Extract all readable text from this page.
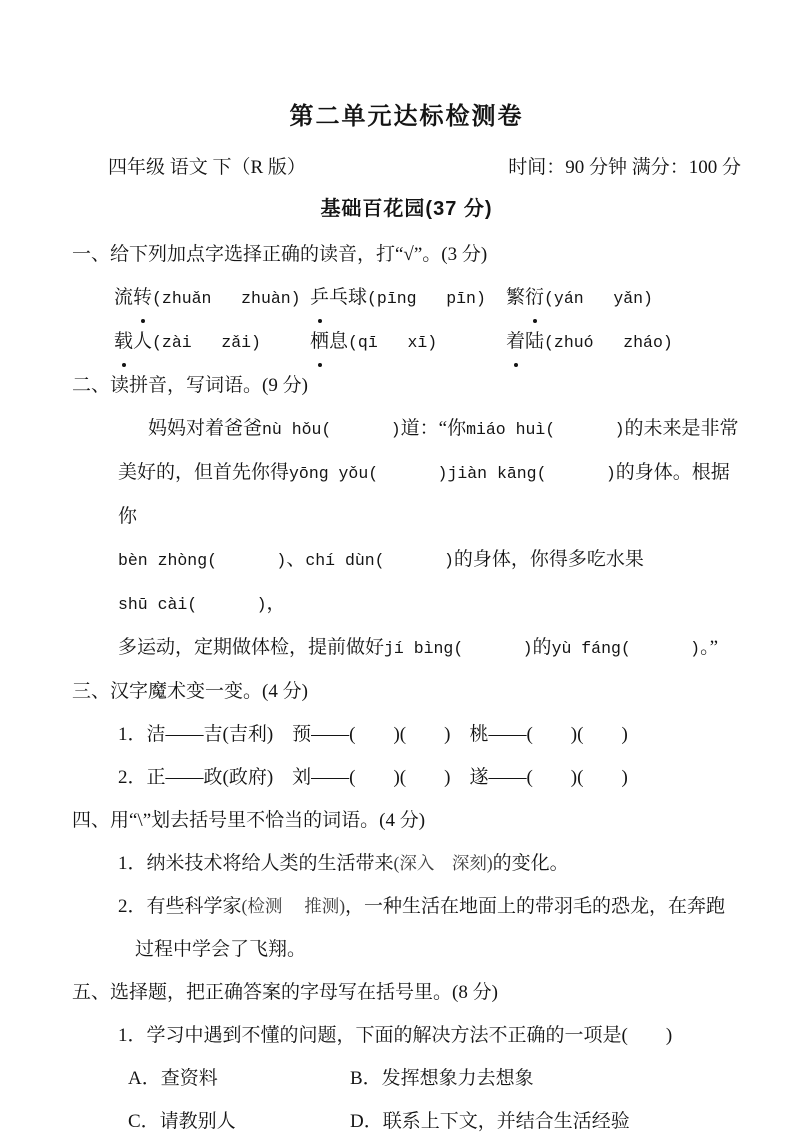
第二单元达标检测卷
四年级 语文 下（R 版）	时间：90 分钟 满分：100 分
基础百花园(37 分)
一、给下列加点字选择正确的读音，打“√”。(3 分)
流转(zhuǎn   zhuàn) 乒乓球(pīng   pīn)	繁衍(yán   yǎn)
载人(zài   zǎi)	栖息(qī   xī)	着陆(zhuó   zháo)
二、读拼音，写词语。(9 分)
妈妈对着爸爸nù hǒu(      )道：“你miáo huì(      )的未来是非常
美好的，但首先你得yōng yǒu(      )jiàn kāng(      )的身体。根据你
bèn zhòng(      )、chí dùn(      )的身体，你得多吃水果shū cài(      )，
多运动，定期做体检，提前做好jí bìng(      )的yù fáng(      )。”
三、汉字魔术变一变。(4 分)
1．洁——吉(吉利)　预——(　　)(　　)　桃——(　　)(　　)
2．正——政(政府)　刘——(　　)(　　)　遂——(　　)(　　)
四、用“\”划去括号里不恰当的词语。(4 分)
1．纳米技术将给人类的生活带来(深入　深刻)的变化。
2．有些科学家(检测　 推测)，一种生活在地面上的带羽毛的恐龙，在奔跑过程中学会了飞翔。
五、选择题，把正确答案的字母写在括号里。(8 分)
1．学习中遇到不懂的问题，下面的解决方法不正确的一项是(　　)
A．查资料	B．发挥想象力去想象
C．请教别人	D．联系上下文，并结合生活经验
